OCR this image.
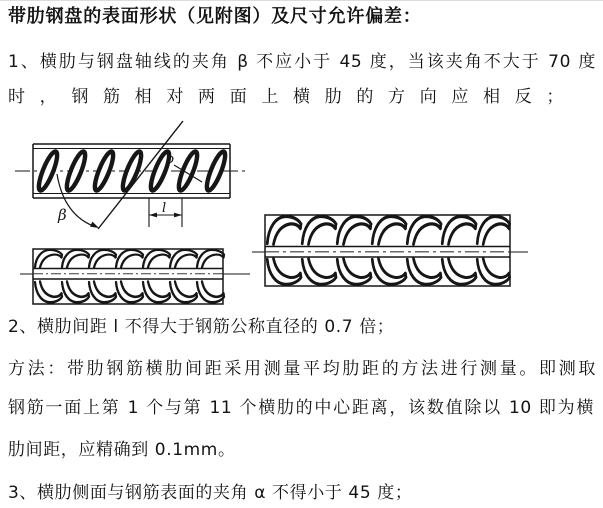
带肋钢盘的表面形状（见附图）及尺寸允许偏差：
1、横肋与钢盘轴线的夹角 β 不应小于 45 度，当该夹角不大于 70 度
时 ， 钢 筋 相 对 两 面 上 横 肋 的 方 向 应 相 反 ；
β
b
l
2、横肋间距 l 不得大于钢筋公称直径的 0.7 倍；
方法：带肋钢筋横肋间距采用测量平均肋距的方法进行测量。即测取
钢筋一面上第 1 个与第 11 个横肋的中心距离，该数值除以 10 即为横
肋间距，应精确到 0.1mm。
3、横肋侧面与钢筋表面的夹角 α 不得小于 45 度；
